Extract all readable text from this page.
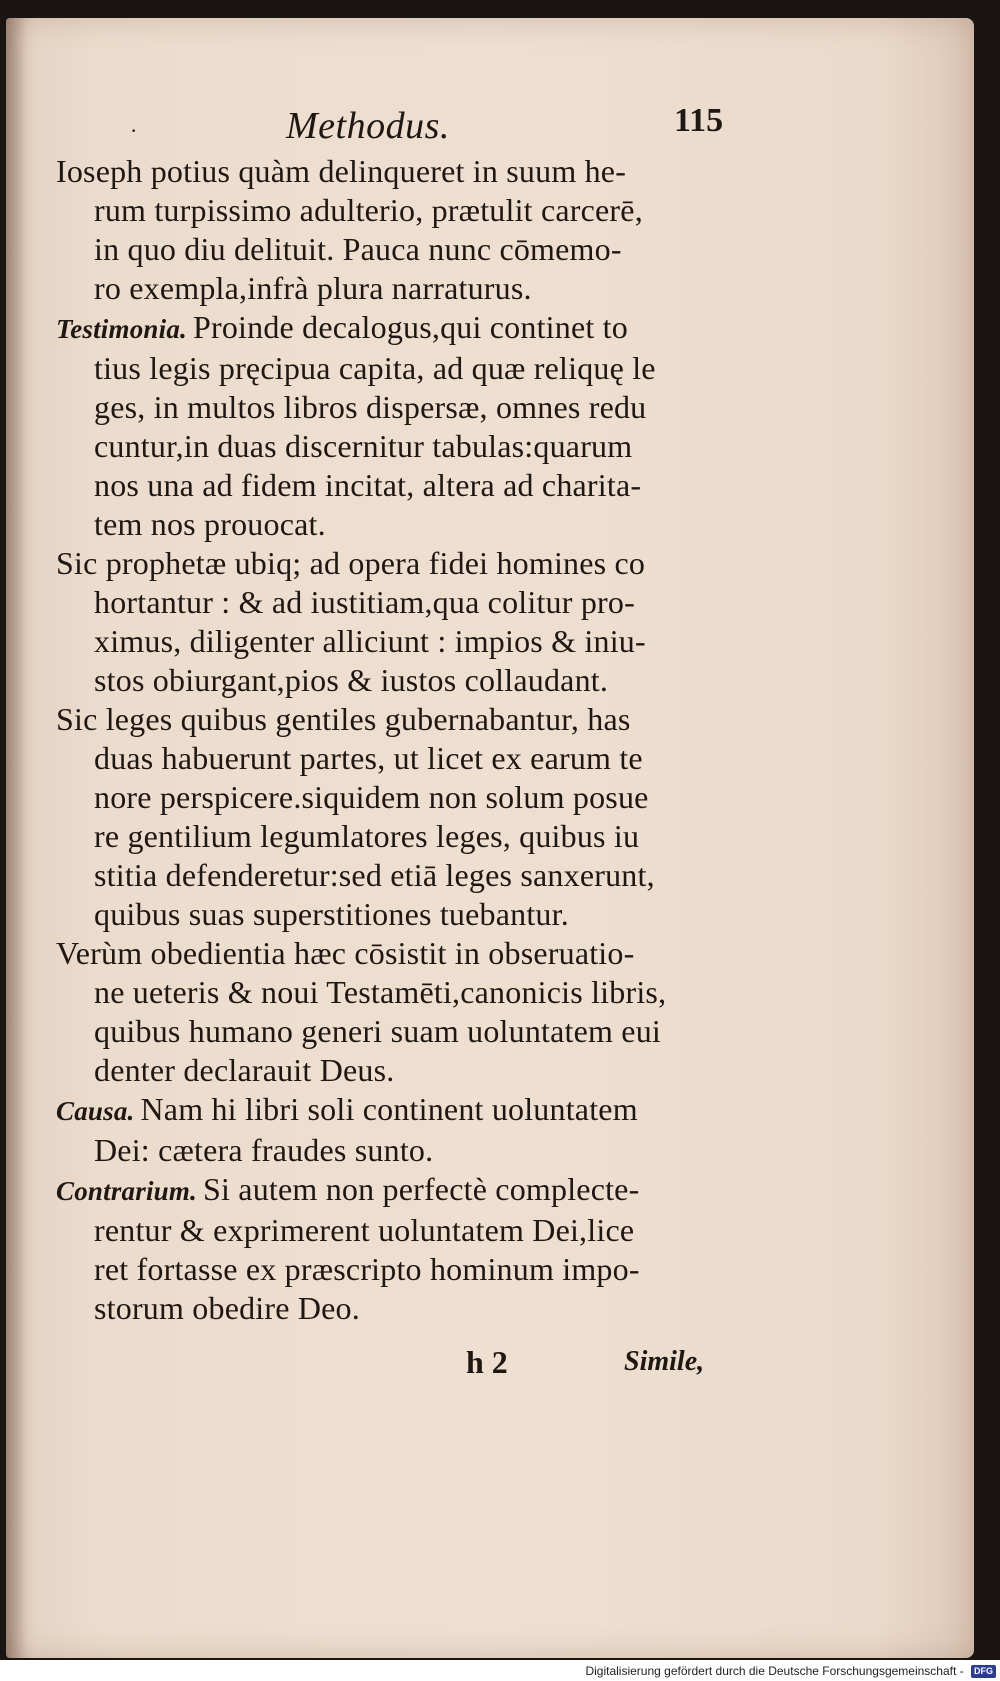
·	Methodus.	115
Ioseph potius quàm delinqueret in suum he-
rum turpissimo adulterio, prætulit carcerē,
in quo diu delituit. Pauca nunc cōmemo-
ro exempla,infrà plura narraturus.
Testimonia. Proinde decalogus,qui continet to
tius legis pręcipua capita, ad quæ reliquę le
ges, in multos libros dispersæ, omnes redu
cuntur,in duas discernitur tabulas:quarum
nos una ad fidem incitat, altera ad charita-
tem nos prouocat.
Sic prophetæ ubiq; ad opera fidei homines co
hortantur : & ad iustitiam,qua colitur pro-
ximus, diligenter alliciunt : impios & iniu-
stos obiurgant,pios & iustos collaudant.
Sic leges quibus gentiles gubernabantur, has
duas habuerunt partes, ut licet ex earum te
nore perspicere.siquidem non solum posue
re gentilium legumlatores leges, quibus iu
stitia defenderetur:sed etiā leges sanxerunt,
quibus suas superstitiones tuebantur.
Verùm obedientia hæc cōsistit in obseruatio-
ne ueteris & noui Testamēti,canonicis libris,
quibus humano generi suam uoluntatem eui
denter declarauit Deus.
Causa. Nam hi libri soli continent uoluntatem
Dei: cætera fraudes sunto.
Contrarium. Si autem non perfectè complecte-
rentur & exprimerent uoluntatem Dei,lice
ret fortasse ex præscripto hominum impo-
storum obedire Deo.
h 2	Simile,
Digitalisierung gefördert durch die Deutsche Forschungsgemeinschaft - DFG
